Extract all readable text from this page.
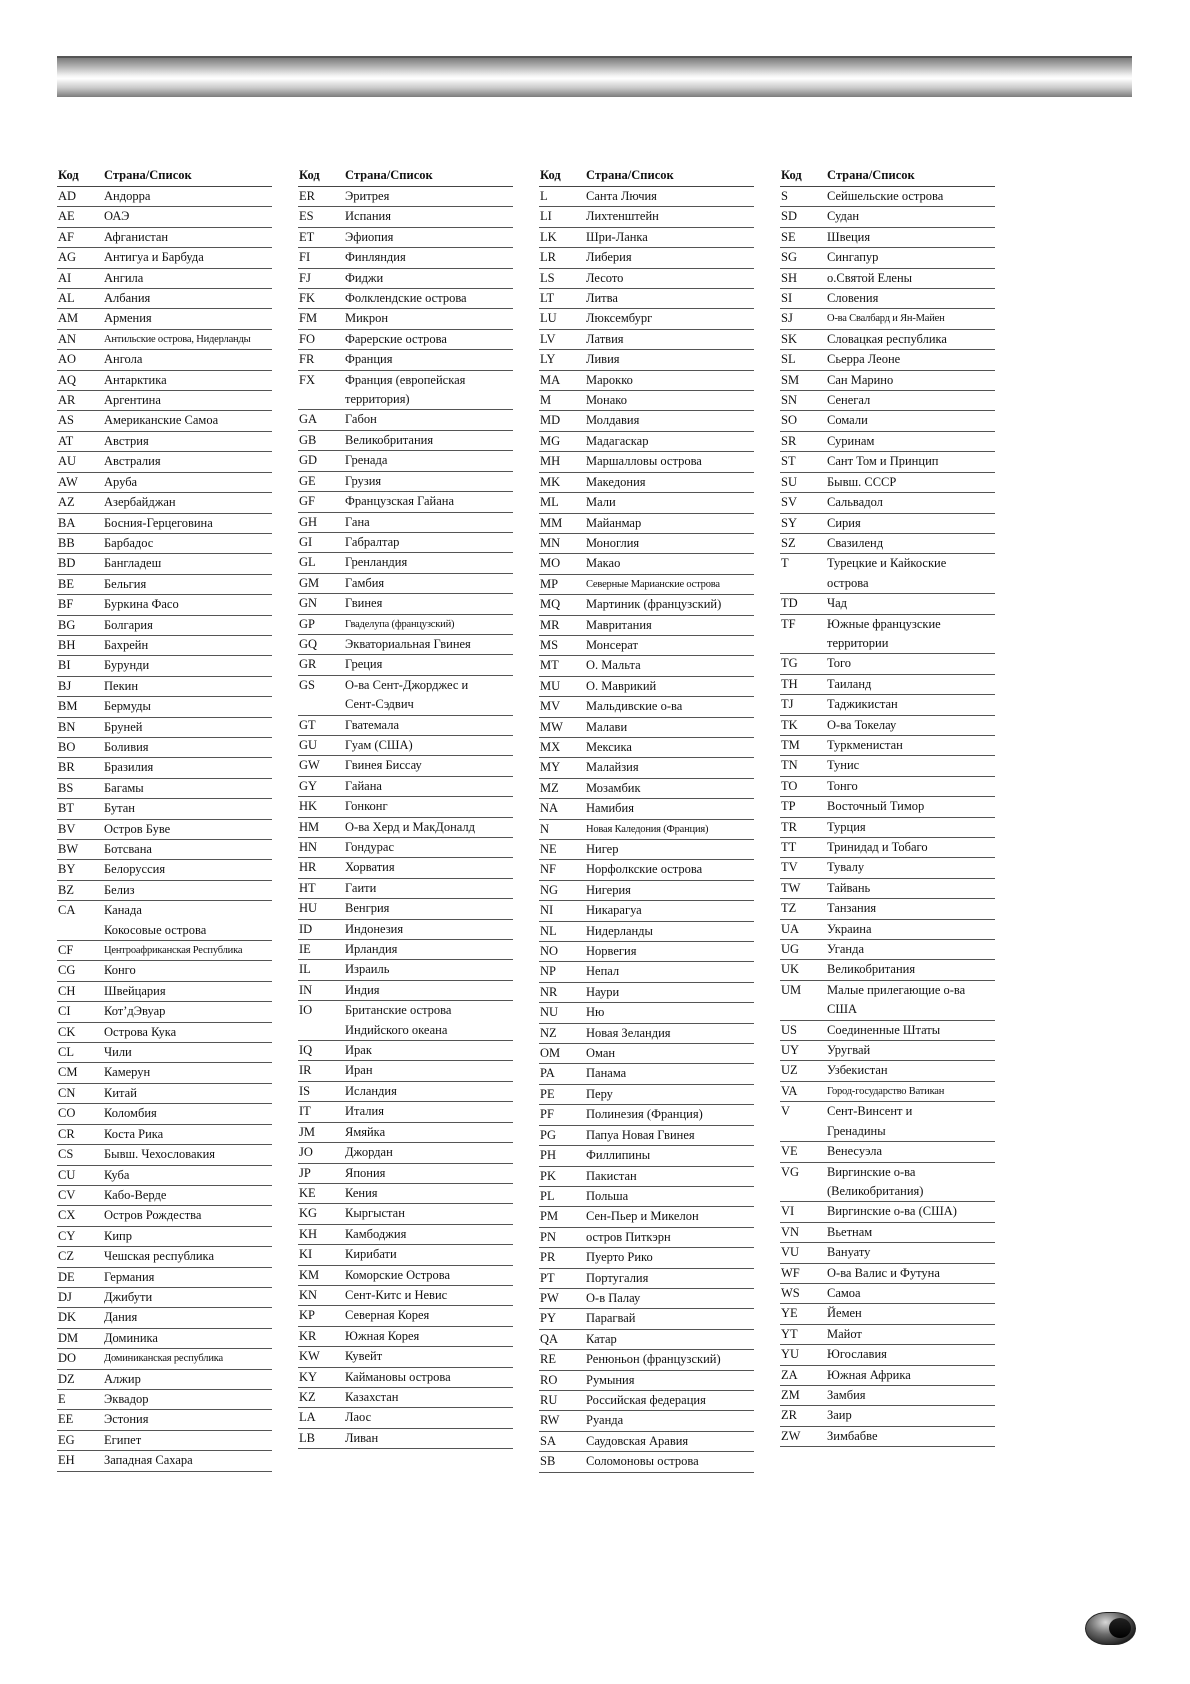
Код	Страна/Список
AD	Андорра
AE	ОАЭ
AF	Афганистан
AG	Антигуа и Барбуда
AI	Ангила
AL	Албания
AM	Армения
AN	Антильские острова, Нидерланды
AO	Ангола
AQ	Антарктика
AR	Аргентина
AS	Американские Самоа
AT	Австрия
AU	Австралия
AW	Аруба
AZ	Азербайджан
BA	Босния-Герцеговина
BB	Барбадос
BD	Бангладеш
BE	Бельгия
BF	Буркина Фасо
BG	Болгария
BH	Бахрейн
BI	Бурунди
BJ	Пекин
BM	Бермуды
BN	Бруней
BO	Боливия
BR	Бразилия
BS	Багамы
BT	Бутан
BV	Остров Буве
BW	Ботсвана
BY	Белоруссия
BZ	Белиз
CA	Канада
Кокосовые острова
CF	Центроафриканская Республика
CG	Конго
CH	Швейцария
CI	Кот’дЭвуар
CK	Острова Кука
CL	Чили
CM	Камерун
CN	Китай
CO	Коломбия
CR	Коста Рика
CS	Бывш. Чехословакия
CU	Куба
CV	Кабо-Верде
CX	Остров Рождества
CY	Кипр
CZ	Чешская республика
DE	Германия
DJ	Джибути
DK	Дания
DM	Доминика
DO	Доминиканская республика
DZ	Алжир
E	Эквадор
EE	Эстония
EG	Египет
EH	Западная Сахара
Код	Страна/Список
ER	Эритрея
ES	Испания
ET	Эфиопия
FI	Финляндия
FJ	Фиджи
FK	Фолклендские острова
FM	Микрон
FO	Фарерские острова
FR	Франция
FX	Франция (европейская
территория)
GA	Габон
GB	Великобритания
GD	Гренада
GE	Грузия
GF	Французская Гайана
GH	Гана
GI	Габралтар
GL	Гренландия
GM	Гамбия
GN	Гвинея
GP	Гваделупа (французский)
GQ	Экваториальная Гвинея
GR	Греция
GS	О-ва Сент-Джорджес и
Сент-Сэдвич
GT	Гватемала
GU	Гуам (США)
GW	Гвинея Биссау
GY	Гайана
HK	Гонконг
HM	О-ва Херд и МакДоналд
HN	Гондурас
HR	Хорватия
HT	Гаити
HU	Венгрия
ID	Индонезия
IE	Ирландия
IL	Израиль
IN	Индия
IO	Британские острова
Индийского океана
IQ	Ирак
IR	Иран
IS	Исландия
IT	Италия
JM	Ямяйка
JO	Джордан
JP	Япония
KE	Кения
KG	Кыргыстан
KH	Камбоджия
KI	Кирибати
KM	Коморские Острова
KN	Сент-Китс и Невис
KP	Северная Корея
KR	Южная Корея
KW	Кувейт
KY	Каймановы острова
KZ	Казахстан
LA	Лаос
LB	Ливан
Код	Страна/Список
L	Санта Лючия
LI	Лихтенштейн
LK	Шри-Ланка
LR	Либерия
LS	Лесото
LT	Литва
LU	Люксембург
LV	Латвия
LY	Ливия
MA	Марокко
M	Монако
MD	Молдавия
MG	Мадагаскар
MH	Маршалловы острова
MK	Македония
ML	Мали
MM	Майанмар
MN	Моноглия
MO	Макао
MP	Северные Марианские острова
MQ	Мартиник (французский)
MR	Мавритания
MS	Монсерат
MT	О. Мальта
MU	О. Маврикий
MV	Мальдивские о-ва
MW	Малави
MX	Мексика
MY	Малайзия
MZ	Мозамбик
NA	Намибия
N	Новая Каледония (Франция)
NE	Нигер
NF	Норфолкские острова
NG	Нигерия
NI	Никарагуа
NL	Нидерланды
NO	Норвегия
NP	Непал
NR	Наури
NU	Ню
NZ	Новая Зеландия
OM	Оман
PA	Панама
PE	Перу
PF	Полинезия (Франция)
PG	Папуа Новая Гвинея
PH	Филлипины
PK	Пакистан
PL	Польша
PM	Сен-Пьер и Микелон
PN	остров Питкэрн
PR	Пуерто Рико
PT	Португалия
PW	О-в Палау
PY	Парагвай
QA	Катар
RE	Ренюньон (французский)
RO	Румыния
RU	Российская федерация
RW	Руанда
SA	Саудовская Аравия
SB	Соломоновы острова
Код	Страна/Список
S	Сейшельские острова
SD	Судан
SE	Швеция
SG	Сингапур
SH	о.Святой Елены
SI	Словения
SJ	О-ва Свалбард и Ян-Майен
SK	Словацкая республика
SL	Сьерра Леоне
SM	Сан Марино
SN	Сенегал
SO	Сомали
SR	Суринам
ST	Сант Том и Принцип
SU	Бывш. СССР
SV	Сальвадол
SY	Сирия
SZ	Свазиленд
T	Турецкие и Кайкоские
острова
TD	Чад
TF	Южные французские
территории
TG	Того
TH	Таиланд
TJ	Таджикистан
TK	О-ва Токелау
TM	Туркменистан
TN	Тунис
TO	Тонго
TP	Восточный Тимор
TR	Турция
TT	Тринидад и Тобаго
TV	Тувалу
TW	Тайвань
TZ	Танзания
UA	Украина
UG	Уганда
UK	Великобритания
UM	Малые прилегающие о-ва
США
US	Соединенные Штаты
UY	Уругвай
UZ	Узбекистан
VA	Город-государство Ватикан
V	Сент-Винсент и
Гренадины
VE	Венесуэла
VG	Виргинские о-ва
(Великобритания)
VI	Виргинские о-ва (США)
VN	Вьетнам
VU	Вануату
WF	О-ва Валис и Футуна
WS	Самоа
YE	Йемен
YT	Майот
YU	Югославия
ZA	Южная Африка
ZM	Замбия
ZR	Заир
ZW	Зимбабве
